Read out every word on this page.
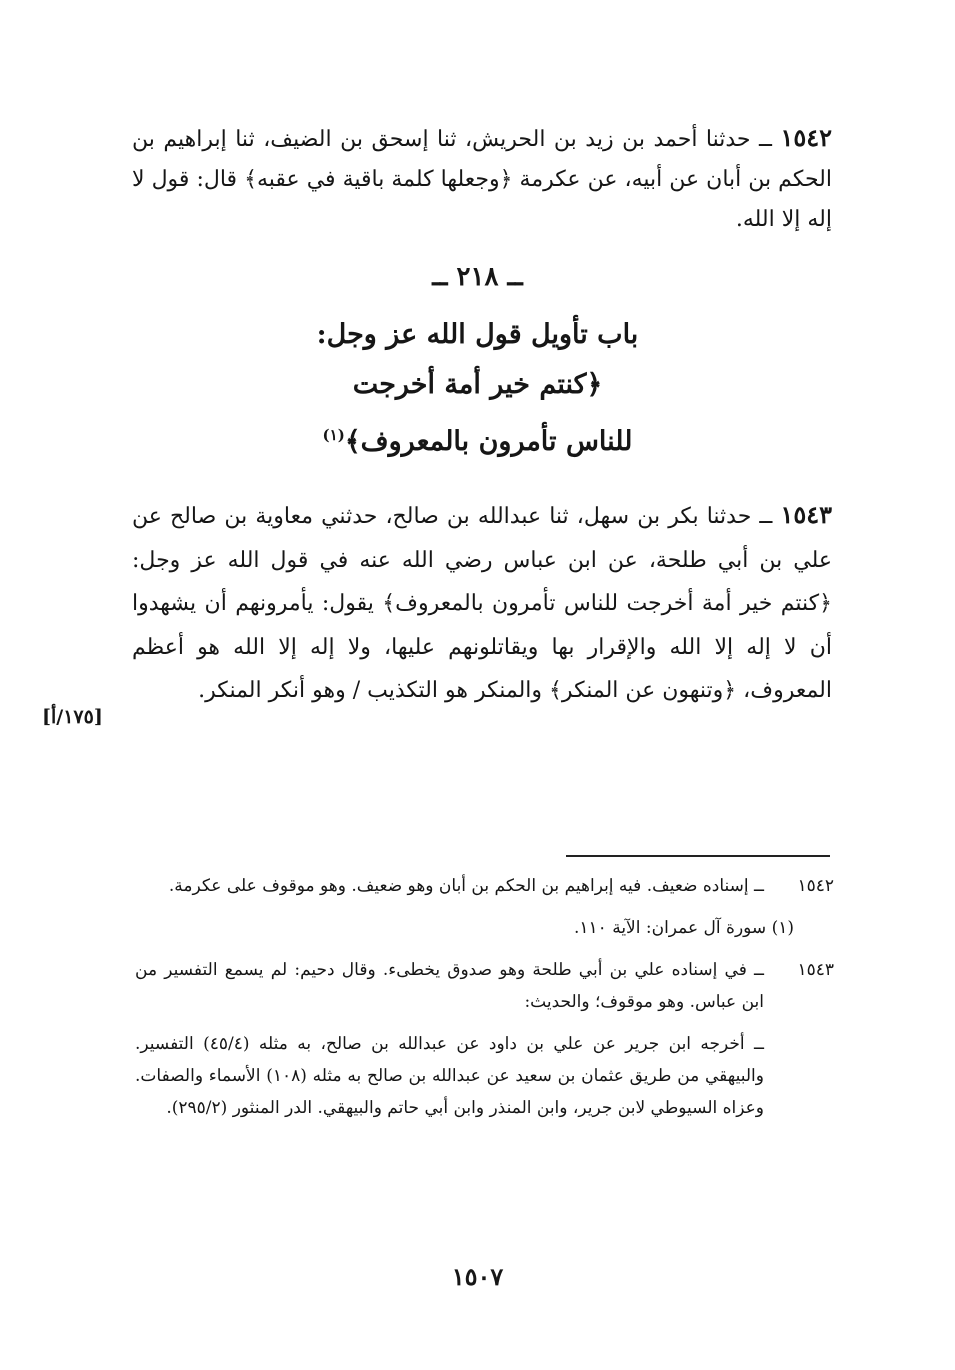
١٥٤٢ ــ حدثنا أحمد بن زيد بن الحريش، ثنا إسحق بن الضيف، ثنا إبراهيم بن الحكم بن أبان عن أبيه، عن عكرمة ﴿وجعلها كلمة باقية في عقبه﴾ قال: قول لا إله إلا الله.
ــ ٢١٨ ــ
باب تأويل قول الله عز وجل:
﴿كنتم خير أمة أخرجت
للناس تأمرون بالمعروف﴾$^{(١)}$
١٥٤٣ ــ حدثنا بكر بن سهل، ثنا عبدالله بن صالح، حدثني معاوية بن صالح عن علي بن أبي طلحة، عن ابن عباس رضي الله عنه في قول الله عز وجل: ﴿كنتم خير أمة أخرجت للناس تأمرون بالمعروف﴾ يقول: يأمرونهم أن يشهدوا أن لا إله إلا الله والإقرار بها ويقاتلونهم عليها، ولا إله إلا الله هو أعظم المعروف، ﴿وتنهون عن المنكر﴾ والمنكر هو التكذيب / وهو أنكر المنكر.
[١٧٥/أ]
١٥٤٢
ــ إسناده ضعيف. فيه إبراهيم بن الحكم بن أبان وهو ضعيف. وهو موقوف على عكرمة.
(١) سورة آل عمران: الآية ١١٠.
١٥٤٣
ــ في إسناده علي بن أبي طلحة وهو صدوق يخطىء. وقال دحيم: لم يسمع التفسير من ابن عباس. وهو موقوف؛ والحديث:
ــ أخرجه ابن جرير عن علي بن داود عن عبدالله بن صالح، به مثله (٤٥/٤) التفسير. والبيهقي من طريق عثمان بن سعيد عن عبدالله بن صالح به مثله (١٠٨) الأسماء والصفات. وعزاه السيوطي لابن جرير، وابن المنذر وابن أبي حاتم والبيهقي. الدر المنثور (٢٩٥/٢).
١٥٠٧
